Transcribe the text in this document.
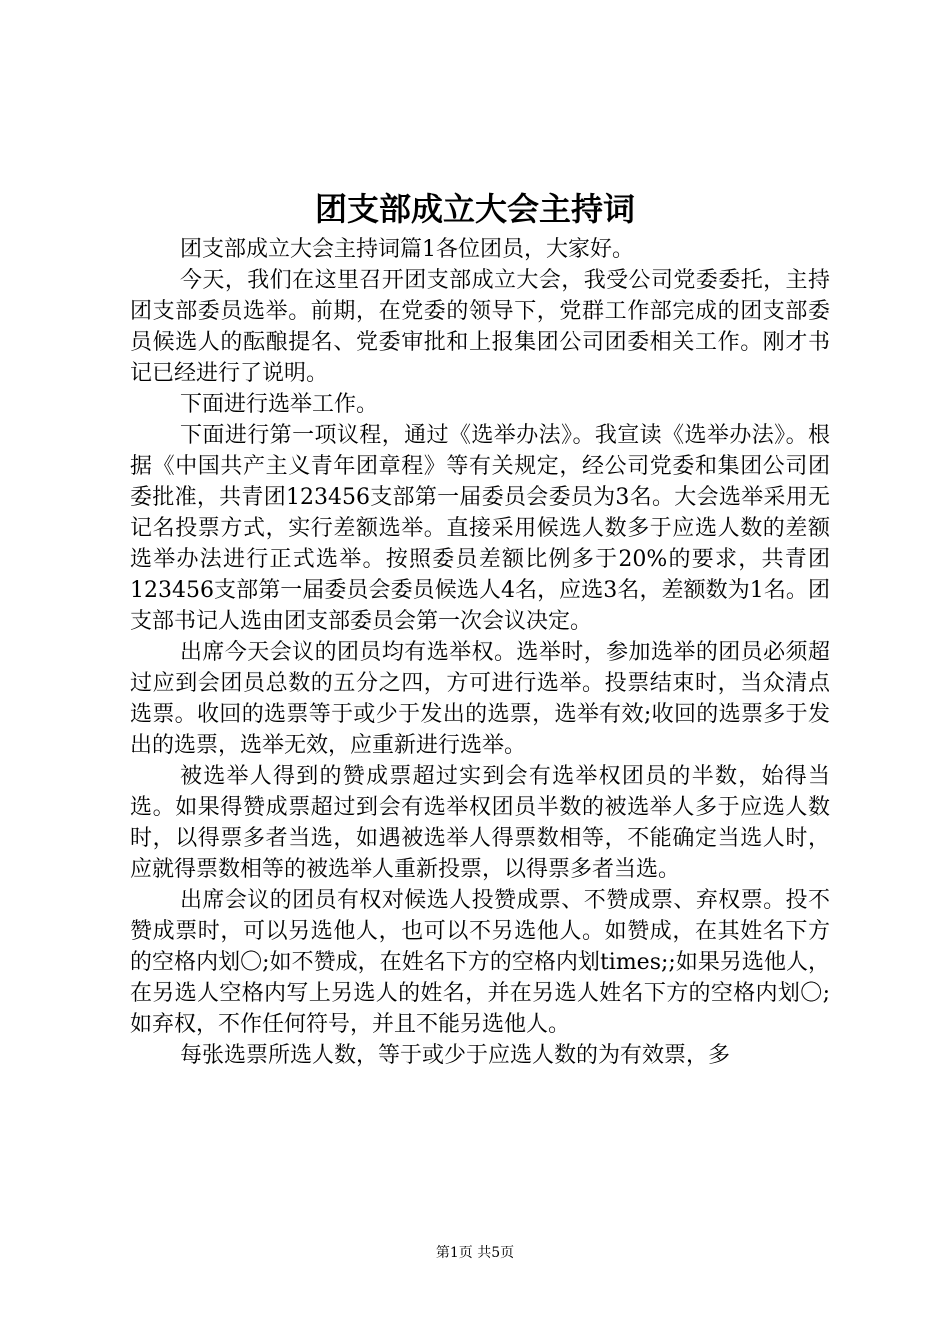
团支部成立大会主持词

团支部成立大会主持词篇1各位团员，大家好。

今天，我们在这里召开团支部成立大会，我受公司党委委托，主持团支部委员选举。前期，在党委的领导下，党群工作部完成的团支部委员候选人的酝酿提名、党委审批和上报集团公司团委相关工作。刚才书记已经进行了说明。

下面进行选举工作。

下面进行第一项议程，通过《选举办法》。我宣读《选举办法》。根据《中国共产主义青年团章程》等有关规定，经公司党委和集团公司团委批准，共青团123456支部第一届委员会委员为3名。大会选举采用无记名投票方式，实行差额选举。直接采用候选人数多于应选人数的差额选举办法进行正式选举。按照委员差额比例多于20%的要求，共青团123456支部第一届委员会委员候选人4名，应选3名，差额数为1名。团支部书记人选由团支部委员会第一次会议决定。

出席今天会议的团员均有选举权。选举时，参加选举的团员必须超过应到会团员总数的五分之四，方可进行选举。投票结束时，当众清点选票。收回的选票等于或少于发出的选票，选举有效;收回的选票多于发出的选票，选举无效，应重新进行选举。

被选举人得到的赞成票超过实到会有选举权团员的半数，始得当选。如果得赞成票超过到会有选举权团员半数的被选举人多于应选人数时，以得票多者当选，如遇被选举人得票数相等，不能确定当选人时，应就得票数相等的被选举人重新投票，以得票多者当选。

出席会议的团员有权对候选人投赞成票、不赞成票、弃权票。投不赞成票时，可以另选他人，也可以不另选他人。如赞成，在其姓名下方的空格内划〇;如不赞成，在姓名下方的空格内划times;;如果另选他人，在另选人空格内写上另选人的姓名，并在另选人姓名下方的空格内划〇;如弃权，不作任何符号，并且不能另选他人。

每张选票所选人数，等于或少于应选人数的为有效票，多

第1页 共5页
